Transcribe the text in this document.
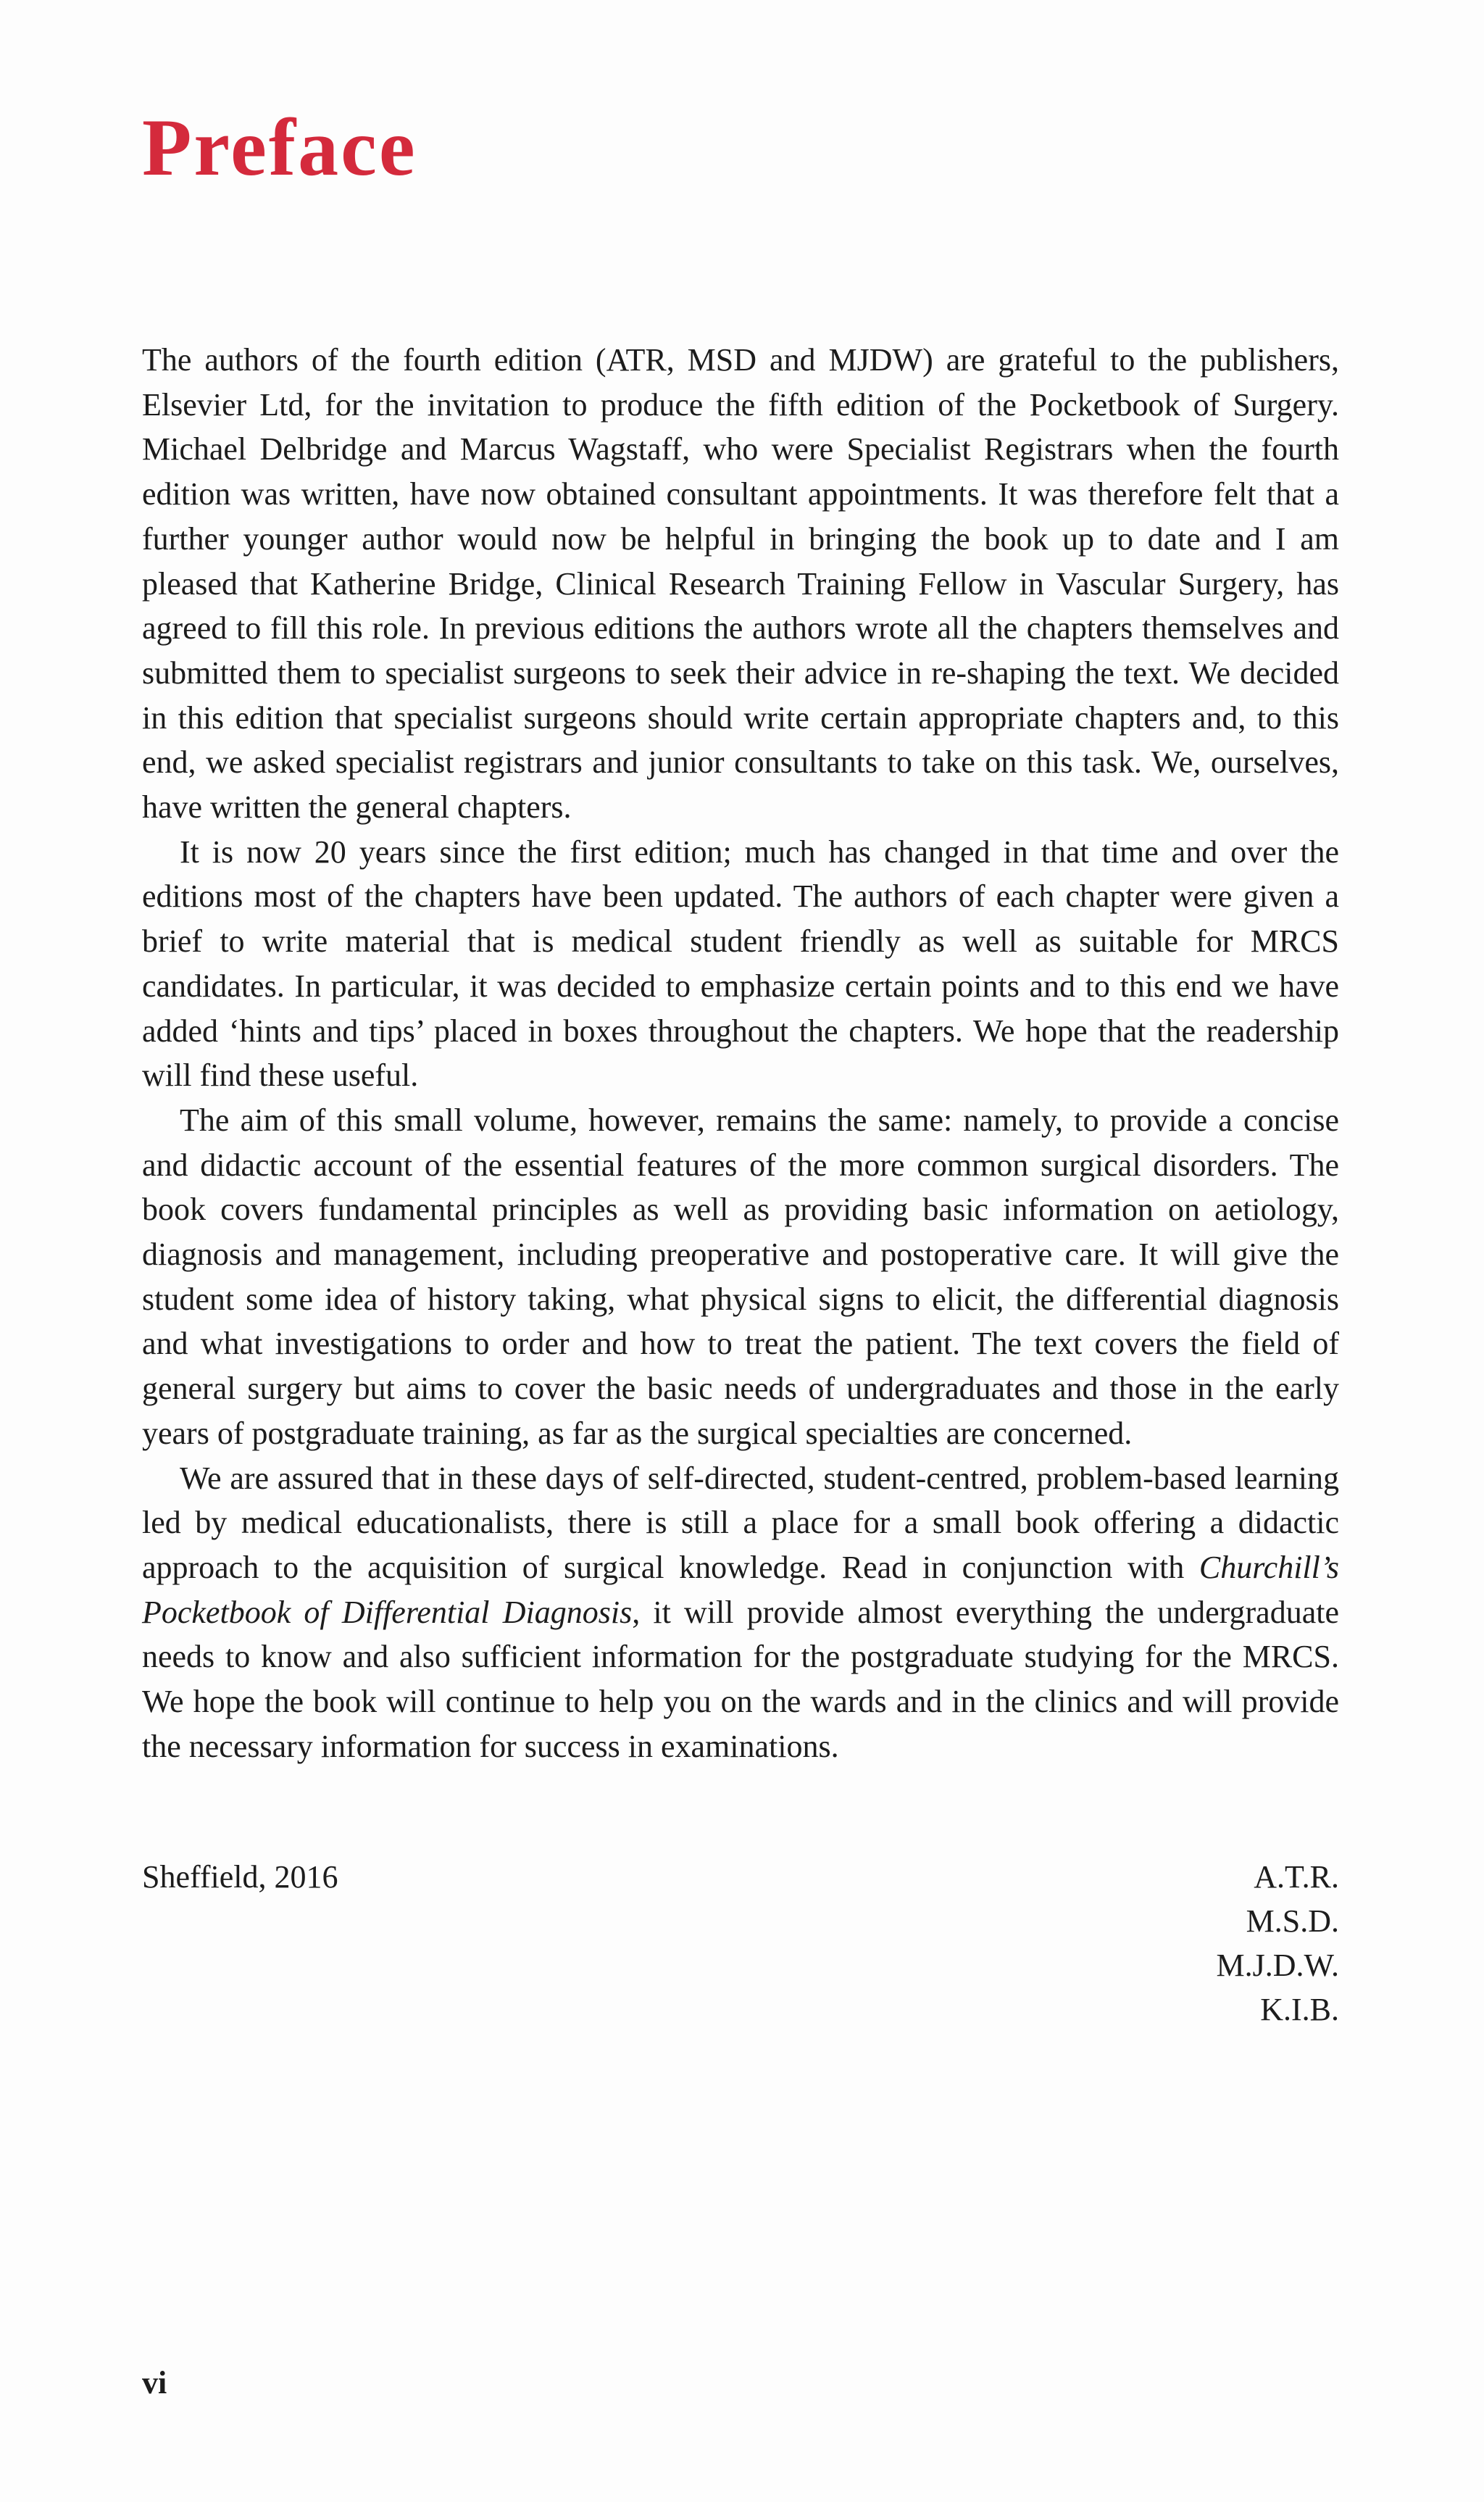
Preface

The authors of the fourth edition (ATR, MSD and MJDW) are grateful to the publishers, Elsevier Ltd, for the invitation to produce the fifth edition of the Pocketbook of Surgery. Michael Delbridge and Marcus Wagstaff, who were Specialist Registrars when the fourth edition was written, have now obtained consultant appointments. It was therefore felt that a further younger author would now be helpful in bringing the book up to date and I am pleased that Katherine Bridge, Clinical Research Training Fellow in Vascular Surgery, has agreed to fill this role. In previous editions the authors wrote all the chapters themselves and submitted them to specialist surgeons to seek their advice in re-shaping the text. We decided in this edition that specialist surgeons should write certain appropriate chapters and, to this end, we asked specialist registrars and junior consultants to take on this task. We, ourselves, have written the general chapters.

It is now 20 years since the first edition; much has changed in that time and over the editions most of the chapters have been updated. The authors of each chapter were given a brief to write material that is medical student friendly as well as suitable for MRCS candidates. In particular, it was decided to emphasize certain points and to this end we have added ‘hints and tips’ placed in boxes throughout the chapters. We hope that the readership will find these useful.

The aim of this small volume, however, remains the same: namely, to provide a concise and didactic account of the essential features of the more common surgical disorders. The book covers fundamental principles as well as providing basic information on aetiology, diagnosis and management, including preoperative and postoperative care. It will give the student some idea of history taking, what physical signs to elicit, the differential diagnosis and what investigations to order and how to treat the patient. The text covers the field of general surgery but aims to cover the basic needs of undergraduates and those in the early years of postgraduate training, as far as the surgical specialties are concerned.

We are assured that in these days of self-directed, student-centred, problem-based learning led by medical educationalists, there is still a place for a small book offering a didactic approach to the acquisition of surgical knowledge. Read in conjunction with Churchill’s Pocketbook of Differential Diagnosis, it will provide almost everything the undergraduate needs to know and also sufficient information for the postgraduate studying for the MRCS. We hope the book will continue to help you on the wards and in the clinics and will provide the necessary information for success in examinations.

Sheffield, 2016	A.T.R.
M.S.D.
M.J.D.W.
K.I.B.
vi
